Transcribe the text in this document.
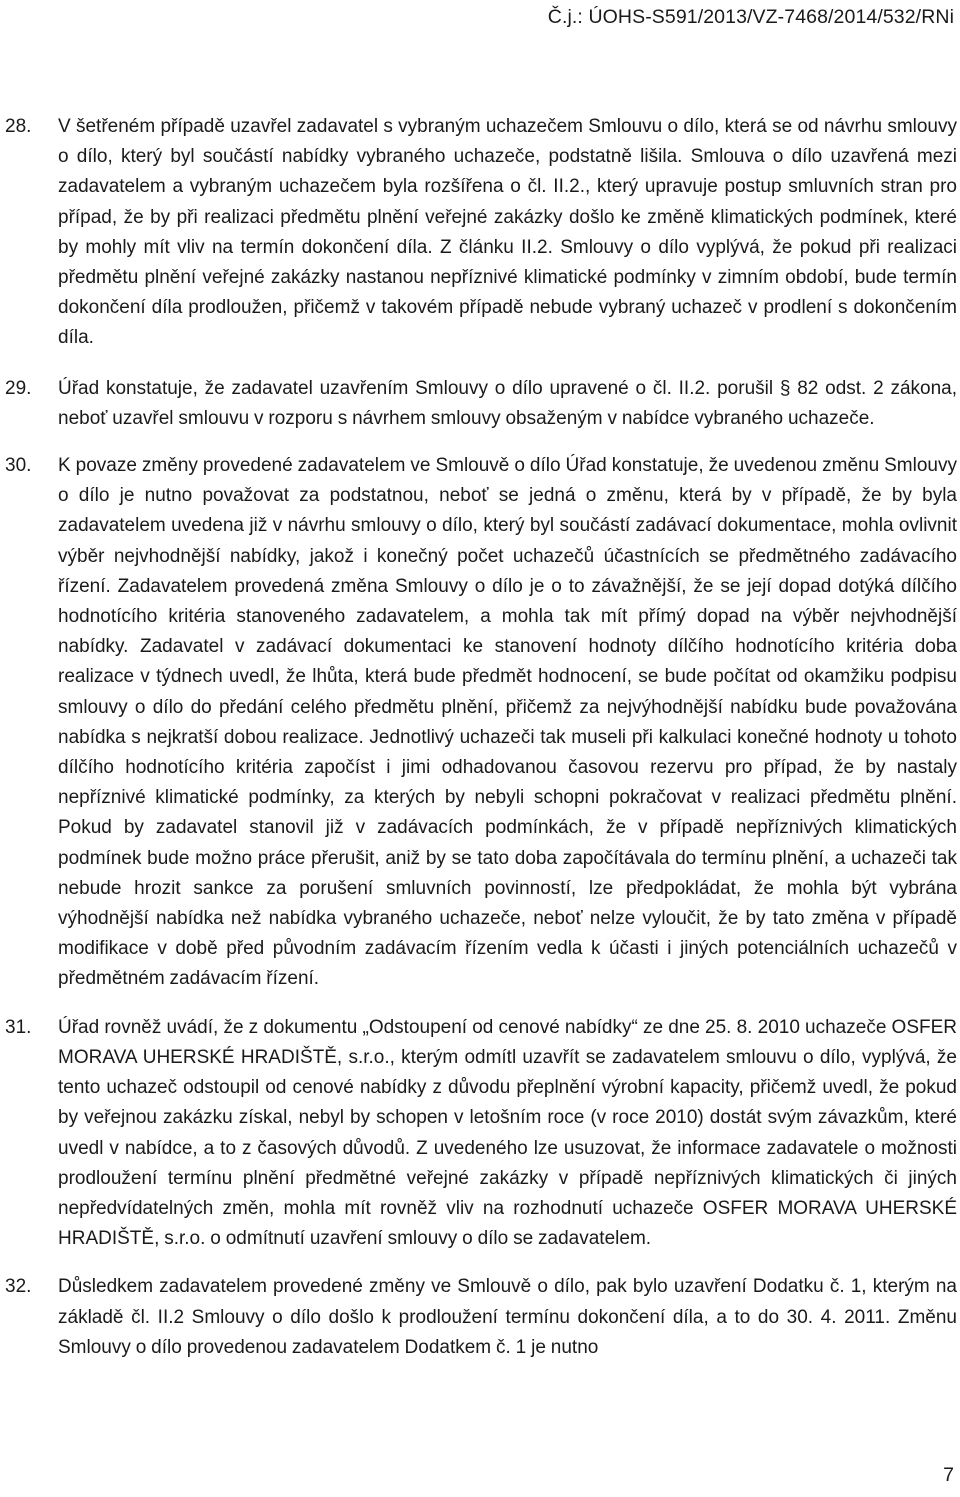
Č.j.: ÚOHS-S591/2013/VZ-7468/2014/532/RNi
28.	V šetřeném případě uzavřel zadavatel s vybraným uchazečem Smlouvu o dílo, která se od návrhu smlouvy o dílo, který byl součástí nabídky vybraného uchazeče, podstatně lišila. Smlouva o dílo uzavřená mezi zadavatelem a vybraným uchazečem byla rozšířena o čl. II.2., který upravuje postup smluvních stran pro případ, že by při realizaci předmětu plnění veřejné zakázky došlo ke změně klimatických podmínek, které by mohly mít vliv na termín dokončení díla. Z článku II.2. Smlouvy o dílo vyplývá, že pokud při realizaci předmětu plnění veřejné zakázky nastanou nepříznivé klimatické podmínky v zimním období, bude termín dokončení díla prodloužen, přičemž v takovém případě nebude vybraný uchazeč v prodlení s dokončením díla.
29.	Úřad konstatuje, že zadavatel uzavřením Smlouvy o dílo upravené o čl. II.2. porušil § 82 odst. 2 zákona, neboť uzavřel smlouvu v rozporu s návrhem smlouvy obsaženým v nabídce vybraného uchazeče.
30.	K povaze změny provedené zadavatelem ve Smlouvě o dílo Úřad konstatuje, že uvedenou změnu Smlouvy o dílo je nutno považovat za podstatnou, neboť se jedná o změnu, která by v případě, že by byla zadavatelem uvedena již v návrhu smlouvy o dílo, který byl součástí zadávací dokumentace, mohla ovlivnit výběr nejvhodnější nabídky, jakož i konečný počet uchazečů účastnících se předmětného zadávacího řízení. Zadavatelem provedená změna Smlouvy o dílo je o to závažnější, že se její dopad dotýká dílčího hodnotícího kritéria stanoveného zadavatelem, a mohla tak mít přímý dopad na výběr nejvhodnější nabídky. Zadavatel v zadávací dokumentaci ke stanovení hodnoty dílčího hodnotícího kritéria doba realizace v týdnech uvedl, že lhůta, která bude předmět hodnocení, se bude počítat od okamžiku podpisu smlouvy o dílo do předání celého předmětu plnění, přičemž za nejvýhodnější nabídku bude považována nabídka s nejkratší dobou realizace. Jednotlivý uchazeči tak museli při kalkulaci konečné hodnoty u tohoto dílčího hodnotícího kritéria započíst i jimi odhadovanou časovou rezervu pro případ, že by nastaly nepříznivé klimatické podmínky, za kterých by nebyli schopni pokračovat v realizaci předmětu plnění. Pokud by zadavatel stanovil již v zadávacích podmínkách, že v případě nepříznivých klimatických podmínek bude možno práce přerušit, aniž by se tato doba započítávala do termínu plnění, a uchazeči tak nebude hrozit sankce za porušení smluvních povinností, lze předpokládat, že mohla být vybrána výhodnější nabídka než nabídka vybraného uchazeče, neboť nelze vyloučit, že by tato změna v případě modifikace v době před původním zadávacím řízením vedla k účasti i jiných potenciálních uchazečů v předmětném zadávacím řízení.
31.	Úřad rovněž uvádí, že z dokumentu „Odstoupení od cenové nabídky“ ze dne 25. 8. 2010 uchazeče OSFER MORAVA UHERSKÉ HRADIŠTĚ, s.r.o., kterým odmítl uzavřít se zadavatelem smlouvu o dílo, vyplývá, že tento uchazeč odstoupil od cenové nabídky z důvodu přeplnění výrobní kapacity, přičemž uvedl, že pokud by veřejnou zakázku získal, nebyl by schopen v letošním roce (v roce 2010) dostát svým závazkům, které uvedl v nabídce, a to z časových důvodů. Z uvedeného lze usuzovat, že informace zadavatele o možnosti prodloužení termínu plnění předmětné veřejné zakázky v případě nepříznivých klimatických či jiných nepředvídatelných změn, mohla mít rovněž vliv na rozhodnutí uchazeče OSFER MORAVA UHERSKÉ HRADIŠTĚ, s.r.o. o odmítnutí uzavření smlouvy o dílo se zadavatelem.
32.	Důsledkem zadavatelem provedené změny ve Smlouvě o dílo, pak bylo uzavření Dodatku č. 1, kterým na základě čl. II.2 Smlouvy o dílo došlo k prodloužení termínu dokončení díla, a to do 30. 4. 2011. Změnu Smlouvy o dílo provedenou zadavatelem Dodatkem č. 1 je nutno
7
